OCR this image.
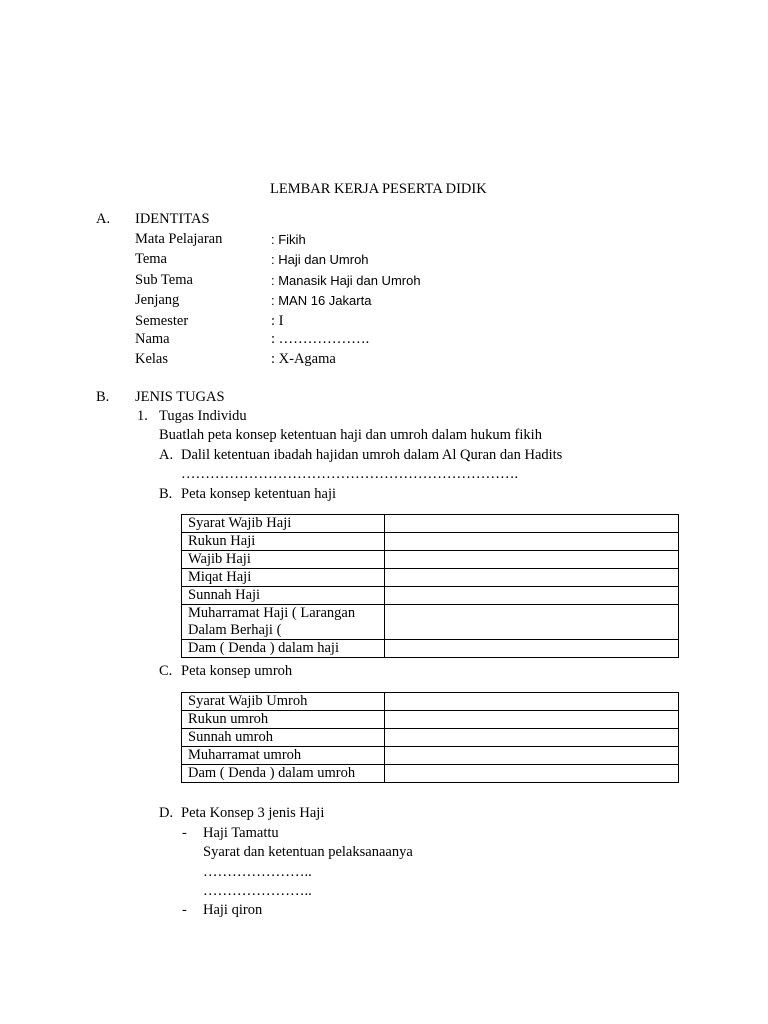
LEMBAR KERJA PESERTA DIDIK
A. IDENTITAS
Mata Pelajaran	: Fikih
Tema	: Haji dan Umroh
Sub Tema	: Manasik Haji dan Umroh
Jenjang	: MAN 16 Jakarta
Semester	: I
Nama	: ……………….
Kelas	: X-Agama
B. JENIS TUGAS
1. Tugas Individu
Buatlah peta konsep ketentuan haji dan umroh dalam hukum fikih
A. Dalil ketentuan ibadah hajidan umroh dalam Al Quran dan Hadits
…………………………………………………………….
B. Peta konsep ketentuan haji
Syarat Wajib Haji	
Rukun Haji	
Wajib Haji	
Miqat Haji	
Sunnah Haji	
Muharramat Haji ( Larangan
Dalam Berhaji (	
Dam ( Denda ) dalam haji	
C. Peta konsep umroh
Syarat Wajib Umroh	
Rukun umroh	
Sunnah umroh	
Muharramat umroh	
Dam ( Denda ) dalam umroh	
D. Peta Konsep 3 jenis Haji
- Haji Tamattu
Syarat dan ketentuan pelaksanaanya
…………………..
…………………..
- Haji qiron
